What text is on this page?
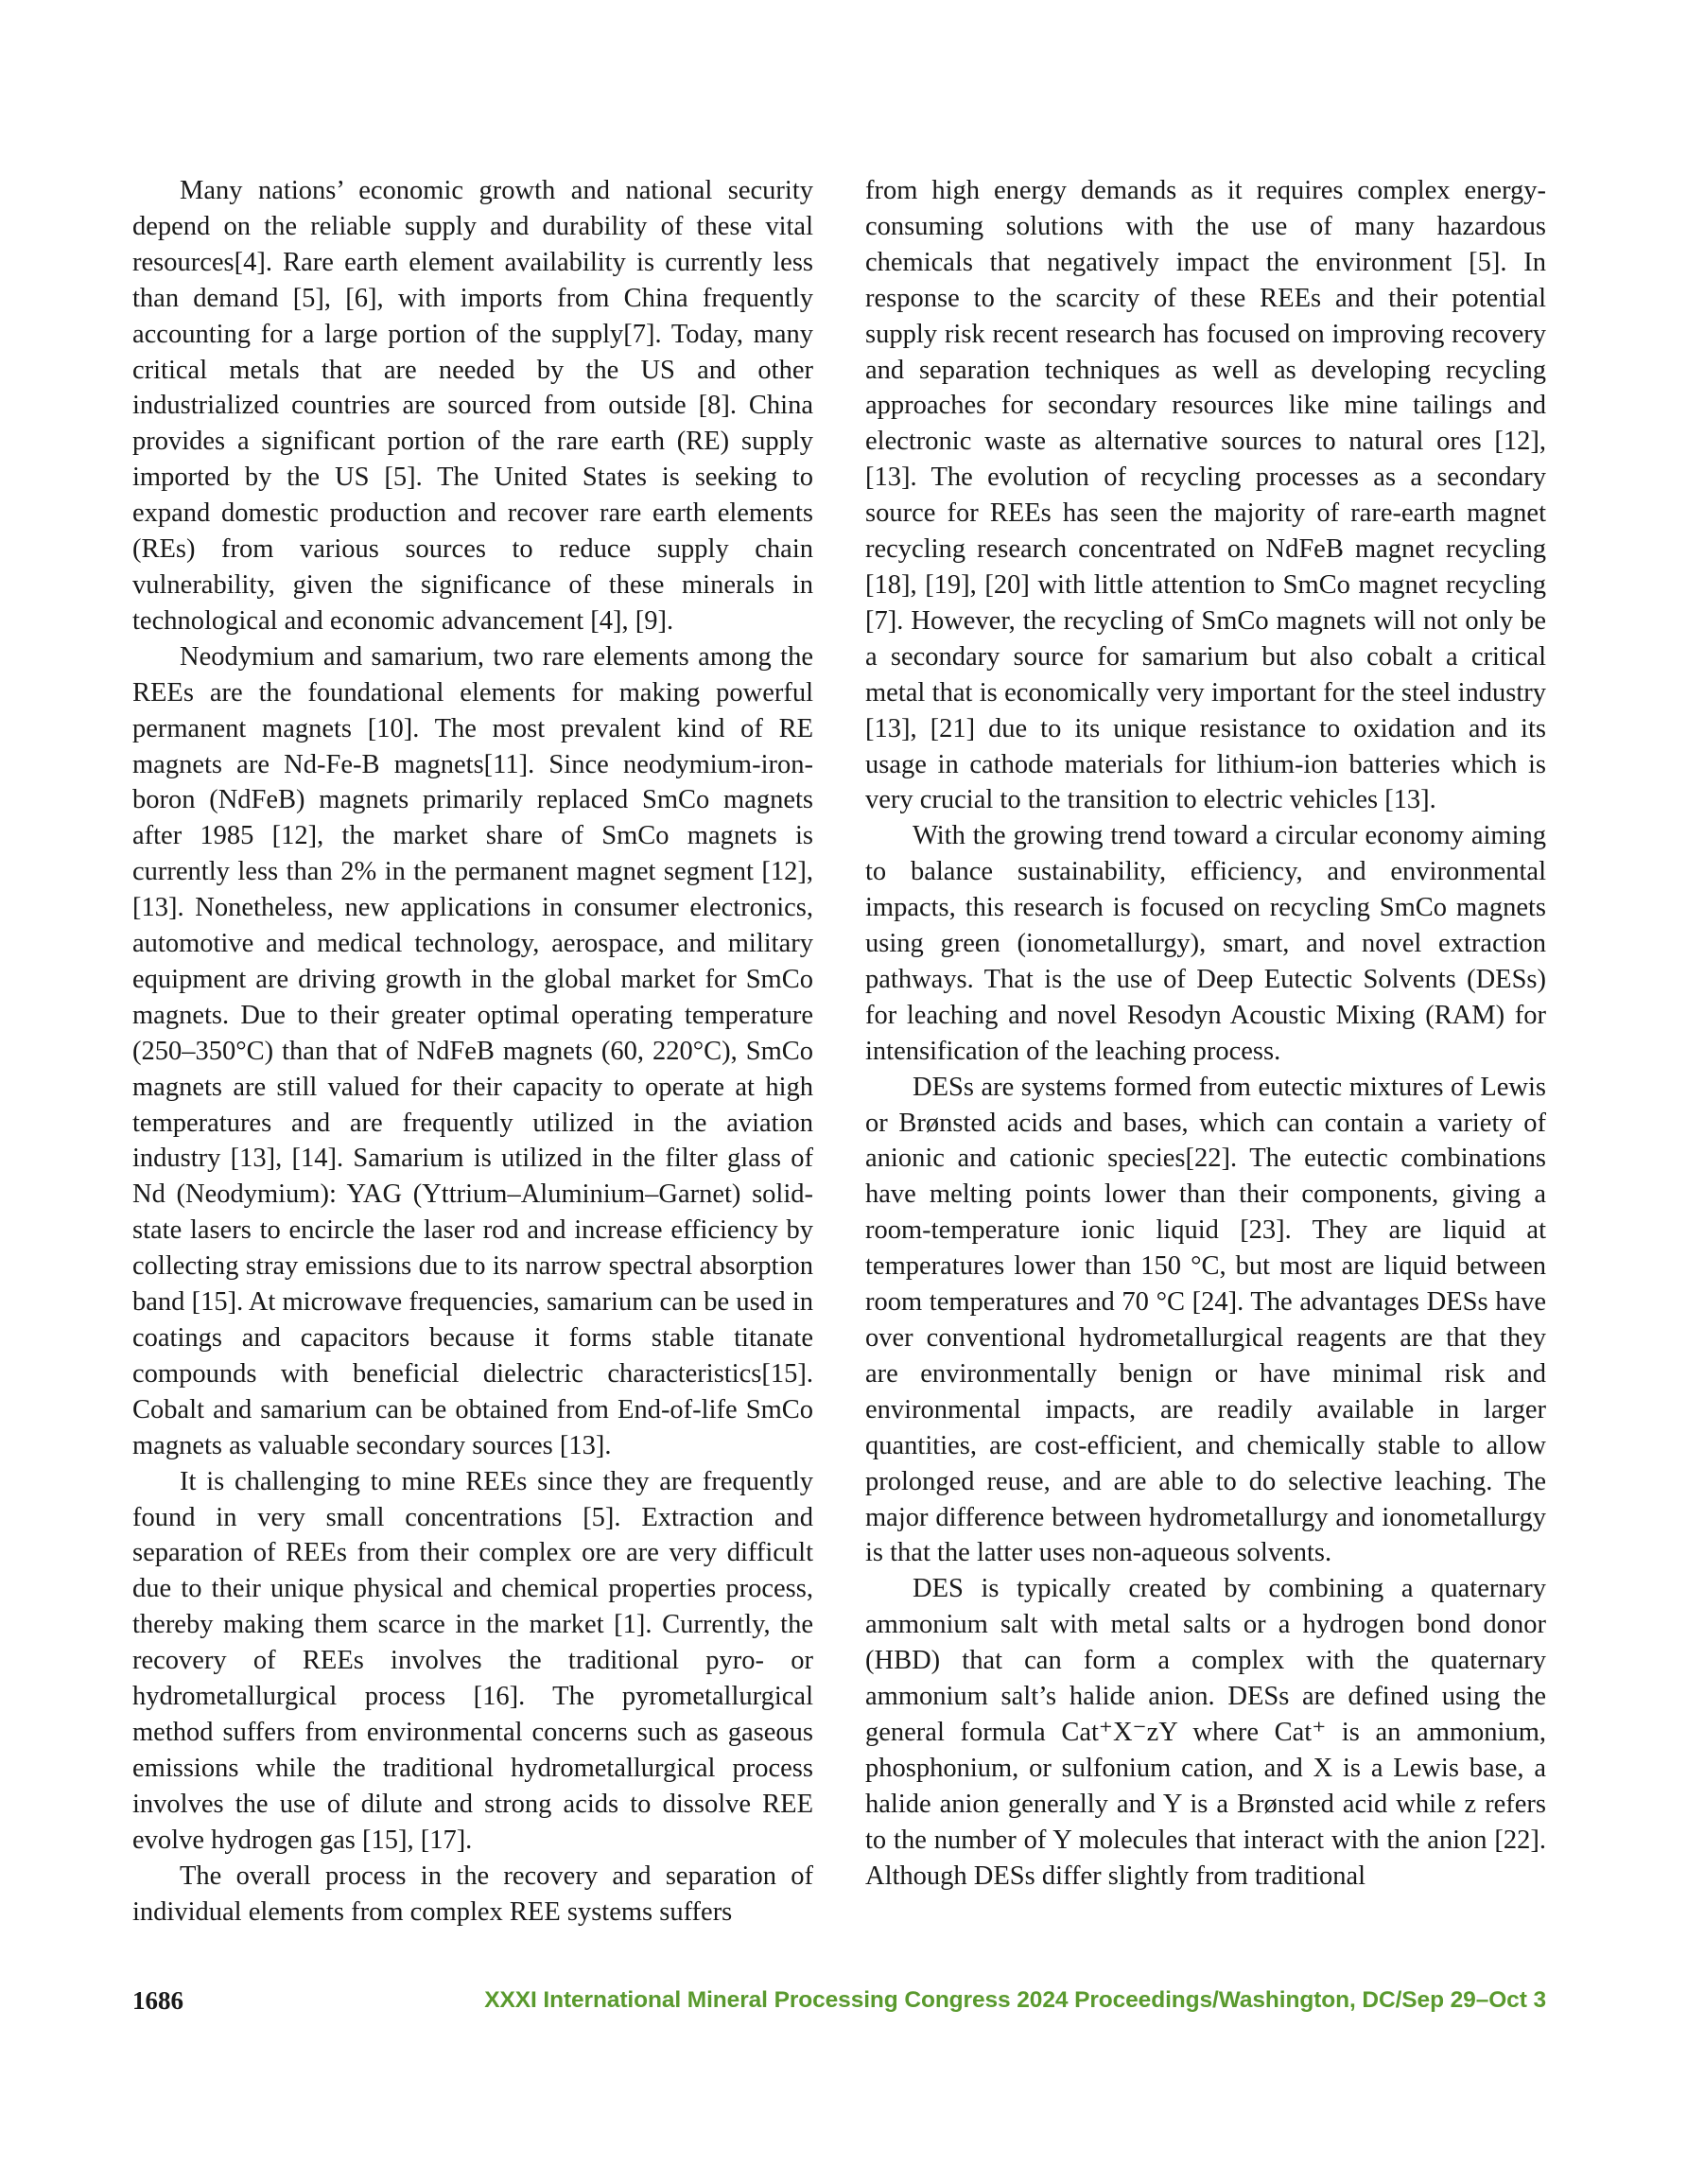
Many nations’ economic growth and national security depend on the reliable supply and durability of these vital resources[4]. Rare earth element availability is currently less than demand [5], [6], with imports from China frequently accounting for a large portion of the supply[7]. Today, many critical metals that are needed by the US and other industrialized countries are sourced from outside [8]. China provides a significant portion of the rare earth (RE) supply imported by the US [5]. The United States is seeking to expand domestic production and recover rare earth elements (REs) from various sources to reduce supply chain vulnerability, given the significance of these minerals in technological and economic advancement [4], [9].

Neodymium and samarium, two rare elements among the REEs are the foundational elements for making powerful permanent magnets [10]. The most prevalent kind of RE magnets are Nd-Fe-B magnets[11]. Since neodymium-iron-boron (NdFeB) magnets primarily replaced SmCo magnets after 1985 [12], the market share of SmCo magnets is currently less than 2% in the permanent magnet segment [12], [13]. Nonetheless, new applications in consumer electronics, automotive and medical technology, aerospace, and military equipment are driving growth in the global market for SmCo magnets. Due to their greater optimal operating temperature (250–350°C) than that of NdFeB magnets (60, 220°C), SmCo magnets are still valued for their capacity to operate at high temperatures and are frequently utilized in the aviation industry [13], [14]. Samarium is utilized in the filter glass of Nd (Neodymium): YAG (Yttrium–Aluminium–Garnet) solid-state lasers to encircle the laser rod and increase efficiency by collecting stray emissions due to its narrow spectral absorption band [15]. At microwave frequencies, samarium can be used in coatings and capacitors because it forms stable titanate compounds with beneficial dielectric characteristics[15]. Cobalt and samarium can be obtained from End-of-life SmCo magnets as valuable secondary sources [13].

It is challenging to mine REEs since they are frequently found in very small concentrations [5]. Extraction and separation of REEs from their complex ore are very difficult due to their unique physical and chemical properties process, thereby making them scarce in the market [1]. Currently, the recovery of REEs involves the traditional pyro- or hydrometallurgical process [16]. The pyrometallurgical method suffers from environmental concerns such as gaseous emissions while the traditional hydrometallurgical process involves the use of dilute and strong acids to dissolve REE evolve hydrogen gas [15], [17].

The overall process in the recovery and separation of individual elements from complex REE systems suffers

from high energy demands as it requires complex energy-consuming solutions with the use of many hazardous chemicals that negatively impact the environment [5]. In response to the scarcity of these REEs and their potential supply risk recent research has focused on improving recovery and separation techniques as well as developing recycling approaches for secondary resources like mine tailings and electronic waste as alternative sources to natural ores [12], [13]. The evolution of recycling processes as a secondary source for REEs has seen the majority of rare-earth magnet recycling research concentrated on NdFeB magnet recycling [18], [19], [20] with little attention to SmCo magnet recycling [7]. However, the recycling of SmCo magnets will not only be a secondary source for samarium but also cobalt a critical metal that is economically very important for the steel industry [13], [21] due to its unique resistance to oxidation and its usage in cathode materials for lithium-ion batteries which is very crucial to the transition to electric vehicles [13].

With the growing trend toward a circular economy aiming to balance sustainability, efficiency, and environmental impacts, this research is focused on recycling SmCo magnets using green (ionometallurgy), smart, and novel extraction pathways. That is the use of Deep Eutectic Solvents (DESs) for leaching and novel Resodyn Acoustic Mixing (RAM) for intensification of the leaching process.

DESs are systems formed from eutectic mixtures of Lewis or Brønsted acids and bases, which can contain a variety of anionic and cationic species[22]. The eutectic combinations have melting points lower than their components, giving a room-temperature ionic liquid [23]. They are liquid at temperatures lower than 150 °C, but most are liquid between room temperatures and 70 °C [24]. The advantages DESs have over conventional hydrometallurgical reagents are that they are environmentally benign or have minimal risk and environmental impacts, are readily available in larger quantities, are cost-efficient, and chemically stable to allow prolonged reuse, and are able to do selective leaching. The major difference between hydrometallurgy and ionometallurgy is that the latter uses non-aqueous solvents.

DES is typically created by combining a quaternary ammonium salt with metal salts or a hydrogen bond donor (HBD) that can form a complex with the quaternary ammonium salt’s halide anion. DESs are defined using the general formula Cat⁺X⁻zY where Cat⁺ is an ammonium, phosphonium, or sulfonium cation, and X is a Lewis base, a halide anion generally and Y is a Brønsted acid while z refers to the number of Y molecules that interact with the anion [22]. Although DESs differ slightly from traditional

1686	XXXI International Mineral Processing Congress 2024 Proceedings/Washington, DC/Sep 29–Oct 3
